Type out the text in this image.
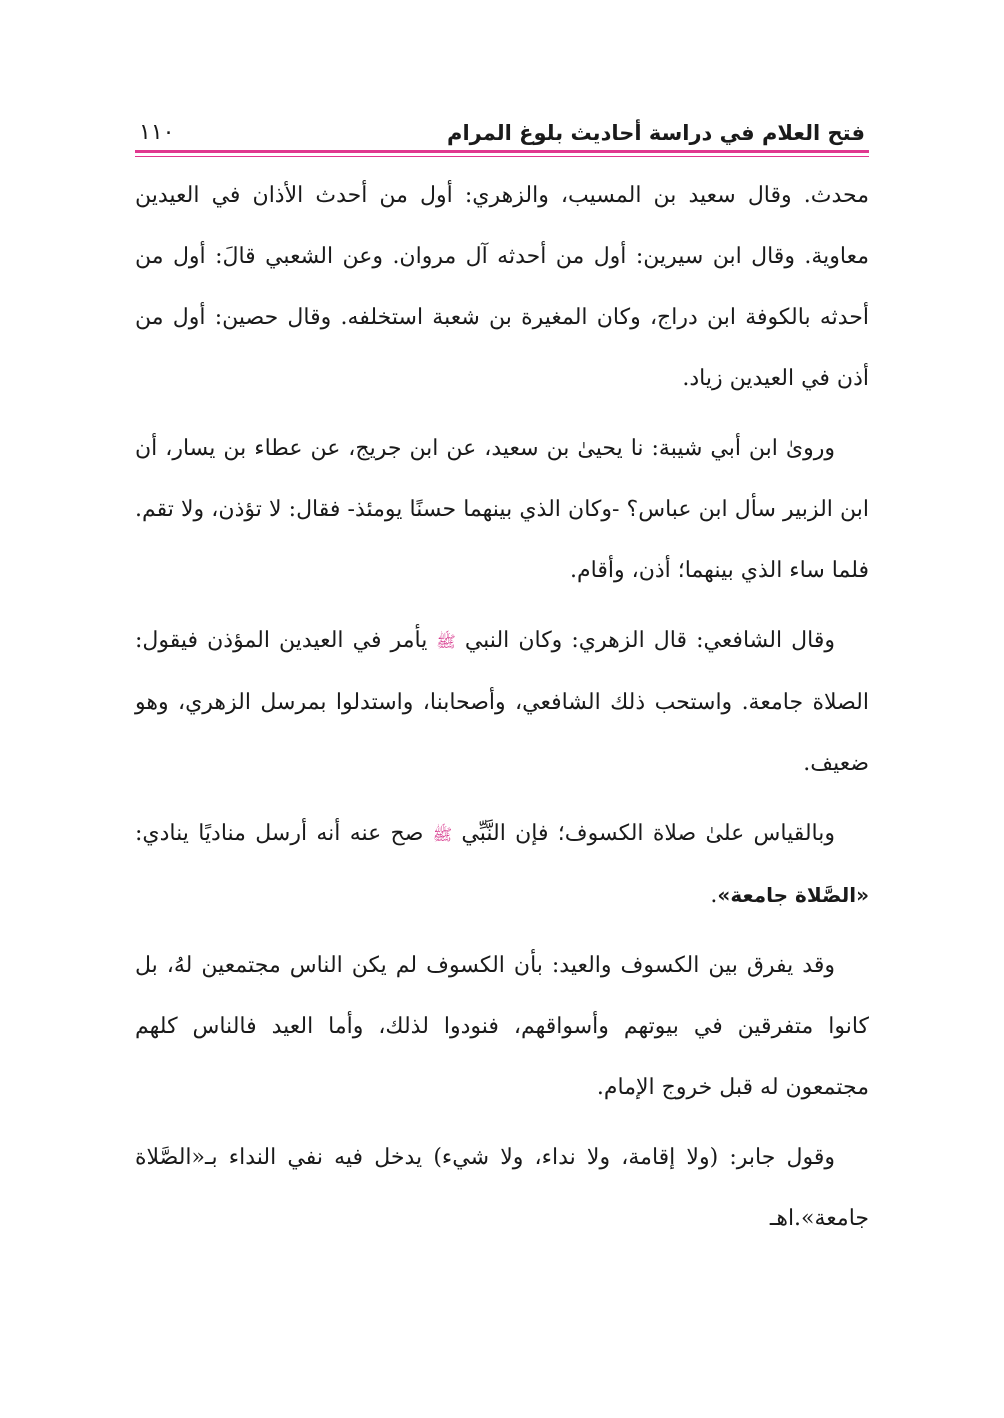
فتح العلام في دراسة أحاديث بلوغ المرام
١١٠

محدث. وقال سعيد بن المسيب، والزهري: أول من أحدث الأذان في العيدين معاوية. وقال ابن سيرين: أول من أحدثه آل مروان. وعن الشعبي قالَ: أول من أحدثه بالكوفة ابن دراج، وكان المغيرة بن شعبة استخلفه. وقال حصين: أول من أذن في العيدين زياد.

وروىٰ ابن أبي شيبة: نا يحيىٰ بن سعيد، عن ابن جريج، عن عطاء بن يسار، أن ابن الزبير سأل ابن عباس؟ -وكان الذي بينهما حسنًا يومئذ- فقال: لا تؤذن، ولا تقم. فلما ساء الذي بينهما؛ أذن، وأقام.

وقال الشافعي: قال الزهري: وكان النبي ﷺ يأمر في العيدين المؤذن فيقول: الصلاة جامعة. واستحب ذلك الشافعي، وأصحابنا، واستدلوا بمرسل الزهري، وهو ضعيف.

وبالقياس علىٰ صلاة الكسوف؛ فإن النَّبِّي ﷺ صح عنه أنه أرسل مناديًا ينادي: «الصَّلاة جامعة».

وقد يفرق بين الكسوف والعيد: بأن الكسوف لم يكن الناس مجتمعين لهُ، بل كانوا متفرقين في بيوتهم وأسواقهم، فنودوا لذلك، وأما العيد فالناس كلهم مجتمعون له قبل خروج الإمام.

وقول جابر: (ولا إقامة، ولا نداء، ولا شيء) يدخل فيه نفي النداء بـ«الصَّلاة جامعة».اهـ
